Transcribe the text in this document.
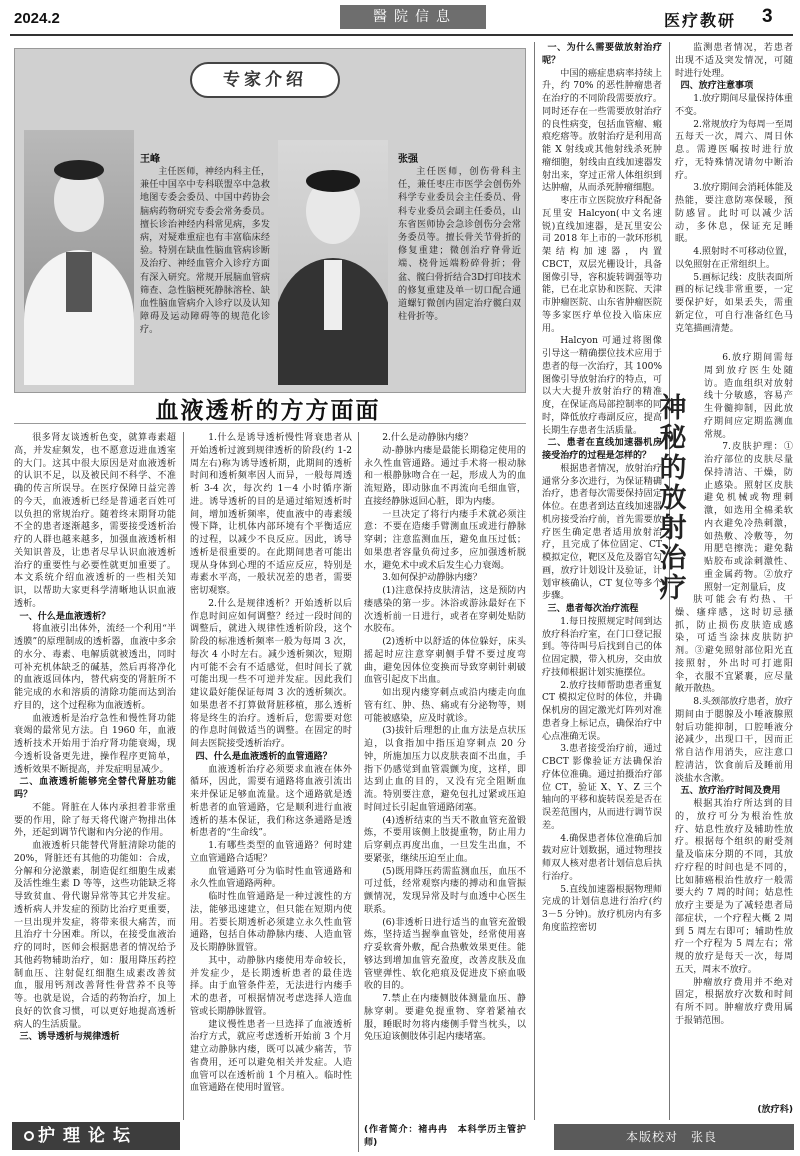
2024.2	醫 院 信 息	医疗教研 3
专家介绍
王峰
主任医师，神经内科主任，兼任中国卒中专科联盟卒中急救地图专委会委员、中国中药协会脑病药物研究专委会常务委员。擅长诊治神经内科常见病，多发病，对疑难重症也有丰富临床经验。特别在缺血性脑血管病诊断及治疗、神经血管介入诊疗方面有深入研究。常规开展脑血管病筛查、急性脑梗死静脉溶栓、缺血性脑血管病介入诊疗以及认知障碍及运动障碍等的规范化诊疗。
张强
主任医师，创伤骨科主任，兼任枣庄市医学会创伤外科学专业委员会主任委员、骨科专业委员会副主任委员，山东省医师协会急诊创伤分会常务委员等。擅长骨关节骨折的修复重建；微创治疗脊骨近端、桡骨远端粉碎骨折；骨盆、髋臼骨折结合3D打印技术的修复重建及单一切口配合通道螺钉微创内固定治疗髋臼双柱骨折等。
血液透析的方方面面

很多肾友谈透析色变，就算毒素超高，并发症频发，也不愿意迈进血透室的大门。这其中很大原因是对血液透析的认识不足，以及被民间不科学、不准确的传言所误导。在医疗保障日益完善的今天，血液透析已经是普通老百姓可以负担的常规治疗。随着终末期肾功能不全的患者逐渐越多，需要接受透析治疗的人群也越来越多，加强血液透析相关知识普及，让患者尽早认识血液透析治疗的重要性与必要性就更加重要了。本文系统介绍血液透析的一些相关知识，以帮助大家更科学清晰地认识血液透析。

一、什么是血液透析？

将血液引出体外，流经一个利用“半透膜”的原理制成的透析器，血液中多余的水分、毒素、电解质就被透出，同时可补充机体缺乏的碱基，然后再将净化的血液返回体内，替代病变的肾脏所不能完成的水和溶质的清除功能而达到治疗目的，这个过程称为血液透析。

血液透析是治疗急性和慢性肾功能衰竭的最常见方法。自 1960 年，血液透析技术开始用于治疗肾功能衰竭，现今透析设备更先进，操作程序更简单，透析效果不断提高，并发症明显减少。

二、血液透析能够完全替代肾脏功能吗？

不能。肾脏在人体内承担着非常重要的作用，除了每天将代谢产物排出体外，还起到调节代谢和内分泌的作用。

血液透析只能替代肾脏清除功能的 20%，肾脏还有其他的功能如：合成，分解和分泌激素，制造促红细胞生成素及活性维生素 D 等等，这些功能缺乏将导致贫血、骨代谢异常等其它并发症。透析病人并发症的预防比治疗更重要，一旦出现并发症，将带来很大痛苦，而且治疗十分困难。所以，在接受血液治疗的同时，医师会根据患者的情况给予其他药物辅助治疗，如：服用降压药控制血压、注射促红细胞生成素改善贫血，服用钙剂改善肾性骨营养不良等等。也就是说，合适的药物治疗，加上良好的饮食习惯，可以更好地提高透析病人的生活质量。

三、诱导透析与规律透析

1.什么是诱导透析慢性肾衰患者从开始透析过渡到规律透析的阶段(约 1-2 周左右)称为诱导透析期，此期间的透析时间和透析频率因人而异，一般每周透析 3-4 次，每次约 1－4 小时循序渐进。诱导透析的目的是通过缩短透析时间，增加透析频率，使血液中的毒素缓慢下降，让机体内部环境有个平衡适应的过程，以减少不良反应。因此，诱导透析是很重要的。在此期间患者可能出现从身体到心理的不适应反应，特别是毒素水平高，一般状况差的患者，需要密切观察。

2.什么是规律透析？开始透析以后作息时间应如何调整？经过一段时间的调整后，就进入规律性透析阶段，这个阶段的标准透析频率一般为每周 3 次，每次 4 小时左右。减少透析频次，短期内可能不会有不适感觉，但时间长了就可能出现一些不可逆并发症。因此我们建议最好能保证每周 3 次的透析频次。如果患者不打算做肾脏移植，那么透析将是终生的治疗。透析后，您需要对您的作息时间做适当的调整。在固定的时间去医院接受透析治疗。

四、什么是血液透析的血管通路？

血液透析治疗必须要求血液在体外循环，因此，需要有通路将血液引流出来并保证足够血流量。这个通路就是透析患者的血管通路，它是顺利进行血液透析的基本保证，我们称这条通路是透析患者的“生命线”。

1.有哪些类型的血管通路？何时建立血管通路合适呢？

血管通路可分为临时性血管通路和永久性血管通路两种。

临时性血管通路是一种过渡性的方法，能够迅速建立，但只能在短期内使用。若要长期透析必须建立永久性血管通路，包括自体动静脉内瘘、人造血管及长期静脉置管。

其中，动静脉内瘘使用寿命较长，并发症少，是长期透析患者的最佳选择。由于血管条件差，无法进行内瘘手术的患者，可根据情况考虑选择人造血管或长期静脉置管。

建议慢性患者一旦选择了血液透析治疗方式，就应考虑透析开始前 3 个月建立动静脉内瘘，既可以减少痛苦，节省费用，还可以避免相关并发症。人造血管可以在透析前 1 个月植入。临时性血管通路在使用时置管。

2.什么是动静脉内瘘？

动-静脉内瘘是最能长期稳定使用的永久性血管通路。通过手术将一根动脉和一根静脉吻合在一起，形成人为的血流短路，即动脉血不再流向毛细血管，直接经静脉返回心脏，即为内瘘。

一旦决定了将行内瘘手术就必须注意：不要在造瘘手臂测血压或进行静脉穿刺；注意监测血压，避免血压过低；如果患者容量负荷过多，应加强透析脱水，避免术中或术后发生心力衰竭。

3.如何保护动静脉内瘘？

(1)注意保持皮肤清洁，这是预防内瘘感染的第一步。沐浴或游泳最好在下次透析前一日进行，或者在穿刺处贴防水胶布。

(2)透析中以舒适的体位躲好，床头摇起时应注意穿刺侧手臂不要过度弯曲，避免因体位变换而导致穿刺针刺破血管引起皮下出血。

如出现内瘘穿刺点或沿内瘘走向血管有红、肿、热、痛或有分泌物等，则可能被感染，应及时就诊。

(3)拔针后理想的止血方法是点状压迫，以食指加中指压迫穿刺点 20 分钟，所施加压力以皮肤表面不出血，手指下仍感觉到血管震颤为度，这样，即达到止血的目的，又没有完全阻断血流。特别要注意，避免包扎过紧或压迫时间过长引起血管通路闭塞。

(4)透析结束的当天不散血管充盈锻炼，不要用该侧上肢提重物，防止用力后穿刺点再度出血，一旦发生出血，不要紧张，继续压迫至止血。

(5)既用降压药需监测血压，血压不可过低，经常观察内瘘的搏动和血管振颤情况，发现异常及时与血透中心医生联系。

(6)非透析日进行适当的血管充盈锻炼，坚持适当握拳血管处，经常使用喜疗妥软膏外敷，配合热敷效果更佳。能够达到增加血管充盈度，改善皮肤及血管壁弹性、软化疤痕及促进皮下瘀血吸收的目的。

7.禁止在内瘘侧肢体测量血压、静脉穿刺。要避免提重物、穿着紧袖衣服，睡眠时勿将内瘘侧手臂当枕头，以免压迫该侧肢体引起内瘘堵塞。

(作者简介：褚冉冉　本科学历主管护师)

一、为什么需要做放射治疗呢？

中国的癌症患病率持续上升，约 70% 的恶性肿瘤患者在治疗的不同阶段需要放疗。同时还存在一些需要放射治疗的良性病变，包括血管瘤、瘢痕疙瘩等。放射治疗是利用高能 X 射线或其他射线杀死肿瘤细胞，射线由直线加速器发射出来，穿过正常人体组织到达肿瘤，从而杀死肿瘤细胞。

枣庄市立医院放疗科配备瓦里安 Halcyon(中文名速锐)直线加速器，是瓦里安公司 2018 年上市的一款环形机架结构加速器，内置 CBCT，双层光栅设计，具备图像引导，容积旋转调强等功能，已在北京协和医院、天津市肿瘤医院、山东省肿瘤医院等多家医疗单位投入临床应用。

Halcyon 可通过将图像引导这一精确摆位技术应用于患者的每一次治疗，其 100% 图像引导放射治疗的特点，可以大大提升放射治疗的精准度，在保证高局部控制率的同时，降低放疗毒副反应，提高长期生存患者生活质量。

二、患者在直线加速器机房接受治疗的过程是怎样的？

根据患者情况，放射治疗通常分多次进行，为保证精确治疗，患者每次需要保持固定体位。在患者到达直线加速器机房接受治疗前，首先需要放疗医生确定患者适用放射治疗，且完成了体位固定、CT 模拟定位，靶区及危及器官勾画，放疗计划设计及验证，计划审核确认，CT 复位等多个步骤。

三、患者每次治疗流程

1.每日按照规定时间到达放疗科治疗室，在门口登记报到。等待叫号后找到自己的体位固定膜，带入机房，交由放疗技师根据计划实施摆位。

2.放疗技师帮助患者重复 CT 模拟定位时的体位，并确保机房的固定激光灯阵列对准患者身上标记点，确保治疗中心点准确无误。

3.患者接受治疗前，通过 CBCT 影像验证方法确保治疗体位准确。通过拍摄治疗部位 CT，验证 X、Y、Z 三个轴向的平移和旋转误差是否在误差范围内，从而进行调节误差。

4.确保患者体位准确后加载对应计划数据，通过物理技师双人核对患者计划信息后执行治疗。

5.直线加速器根据物理师完成的计划信息进行治疗(约 3－5 分钟)。放疗机房内有多角度监控密切

监测患者情况，若患者出现不适及突发情况，可随时进行处理。

四、放疗注意事项

1.放疗期间尽量保持体重不变。

2.常规放疗为每周一至周五每天一次，周六、周日休息。需遵医嘱按时进行放疗，无特殊情况请勿中断治疗。

3.放疗期间会消耗体能及热能，要注意防寒保暖，预防感冒。此时可以减少活动，多休息，保证充足睡眠。

4.照射时不可移动位置，以免照射在正常组织上。

5.画标记线：皮肤表面所画的标记线非常重要，一定要保护好，如果丢失，需重新定位，可自行准备红色马克笔描画清楚。

神
秘
的
放
射
治
疗

6.放疗期间需每周到放疗医生处随访。造血组织对放射线十分敏感，容易产生骨髓抑制，因此放疗期间应定期监测血常规。

7.皮肤护理：①治疗部位的皮肤尽量保持清洁、干燥，防止感染。照射区皮肤避免机械或物理刺激，如选用全棉柔软内衣避免冷热刺激，如热敷、冷敷等，勿用肥皂擦洗；避免黏贴胶布或涂刺激性、重金属药物。②放疗照射一定剂量后，皮

肤可能会有灼热、干燥、瘙痒感，这时切忌搔抓，防止损伤皮肤造成感染，可适当涂抹皮肤防护剂。③避免照射部位阳光直接照射，外出时可打遮阳伞，衣服不宜紧裹，应尽量敞开散热。

8.头颈部放疗患者，放疗期间由于腮腺及小唾液腺照射后功能抑制，口腔唾液分泌减少，出现口干，因而正常自洁作用消失，应注意口腔清洁，饮食前后及睡前用淡盐水含漱。

五、放疗治疗时间及费用

根据其治疗所达到的目的，放疗可分为根治性放疗、姑息性放疗及辅助性放疗。根据每个组织的耐受剂量及临床分期的不同，其放疗疗程的时间也是不同的，比如肺癌根治性放疗一般需要大约 7 周的时间；姑息性放疗主要是为了减轻患者局部症状，一个疗程大概 2 周到 5 周左右即可；辅助性放疗一个疗程为 5 周左右；常规的放疗是每天一次，每周五天，周末不放疗。

肿瘤放疗费用并不绝对固定，根据放疗次数和时间有所不同。肿瘤放疗费用属于报销范围。

(放疗科)
护理论坛	本版校对　张良
